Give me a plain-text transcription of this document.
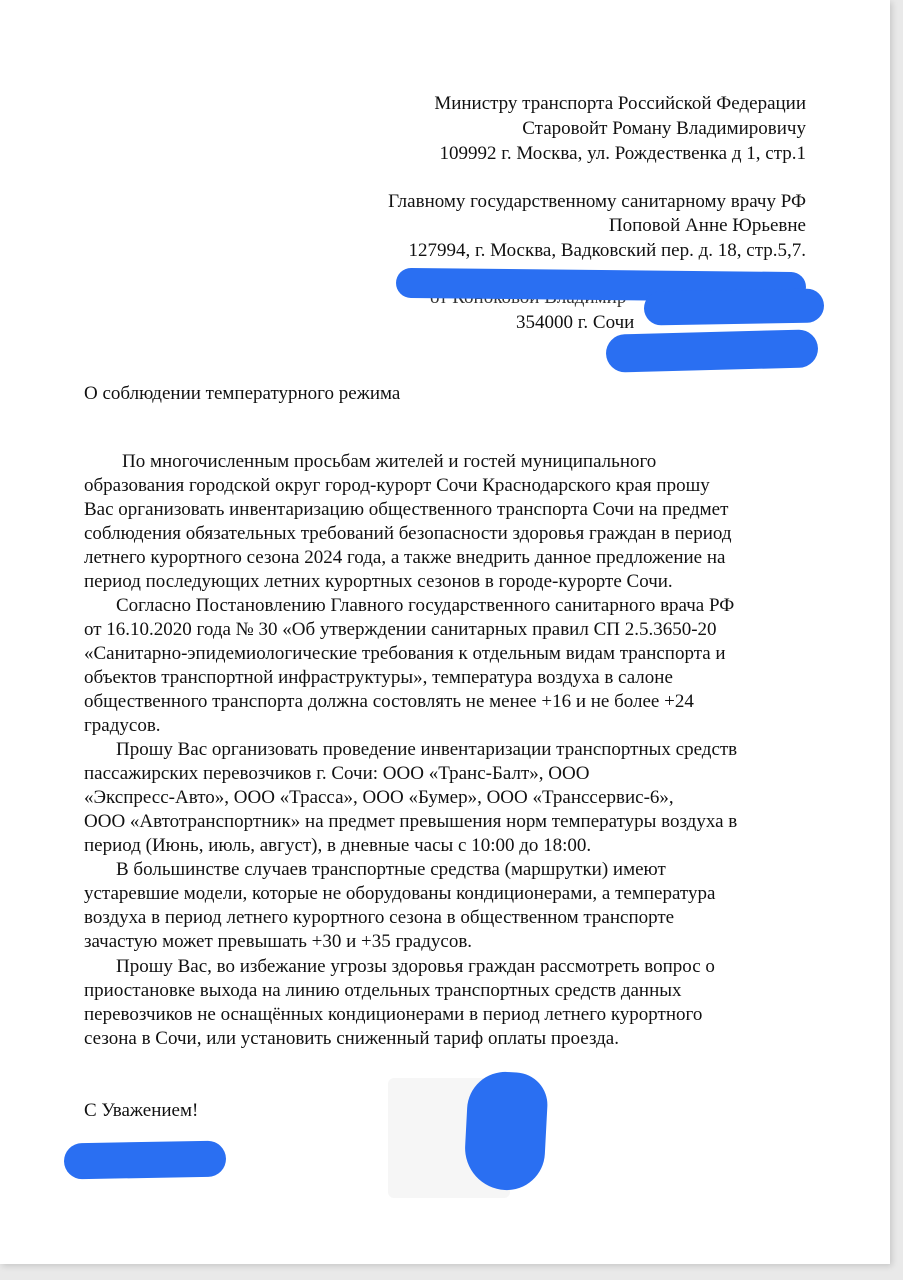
Министру транспорта Российской Федерации
Старовойт Роману Владимировичу
109992 г. Москва, ул. Рождественка д 1, стр.1
Главному государственному санитарному врачу РФ
Поповой Анне Юрьевне
127994, г. Москва, Вадковский пер. д. 18, стр.5,7.
354000 г. Сочи
О соблюдении температурного режима
По многочисленным просьбам жителей и гостей муниципального
образования городской округ город-курорт Сочи Краснодарского края прошу
Вас организовать инвентаризацию общественного транспорта Сочи на предмет
соблюдения обязательных требований безопасности здоровья граждан в период
летнего курортного сезона 2024 года, а также внедрить данное предложение на
период последующих летних курортных сезонов в городе-курорте Сочи.
Согласно Постановлению Главного государственного санитарного врача РФ
от 16.10.2020 года № 30 «Об утверждении санитарных правил СП 2.5.3650-20
«Санитарно-эпидемиологические требования к отдельным видам транспорта и
объектов транспортной инфраструктуры», температура воздуха в салоне
общественного транспорта должна состовлять не менее +16 и не более +24
градусов.
Прошу Вас организовать проведение инвентаризации транспортных средств
пассажирских перевозчиков г. Сочи: ООО «Транс-Балт», ООО
«Экспресс-Авто», ООО «Трасса», ООО «Бумер», ООО «Транссервис-6»,
ООО «Автотранспортник» на предмет превышения норм температуры воздуха в
период (Июнь, июль, август), в дневные часы с 10:00 до 18:00.
В большинстве случаев транспортные средства (маршрутки) имеют
устаревшие модели, которые не оборудованы кондиционерами, а температура
воздуха в период летнего курортного сезона в общественном транспорте
зачастую может превышать +30 и +35 градусов.
Прошу Вас, во избежание угрозы здоровья граждан рассмотреть вопрос о
приостановке выхода на линию отдельных транспортных средств данных
перевозчиков не оснащённых кондиционерами в период летнего курортного
сезона в Сочи, или установить сниженный тариф оплаты проезда.
С Уважением!
